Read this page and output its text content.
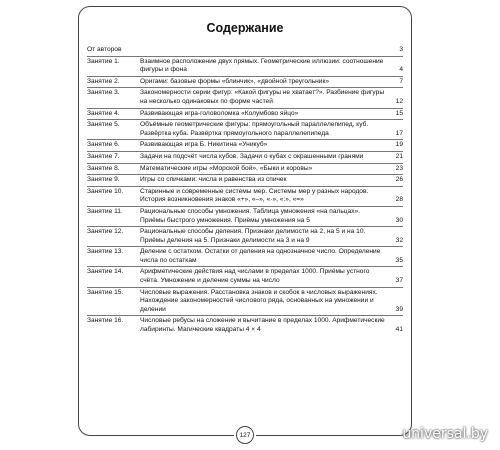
Содержание
От авторов	3
Занятие 1.	Взаимное расположение двух прямых. Геометрические иллюзии: соотношение фигуры и фона	4
Занятие 2.	Оригами: базовые формы «блинчик», «двойной треугольник»	7
Занятие 3.	Закономерности серии фигур: «Какой фигуры не хватает?». Разбиение фигуры на несколько одинаковых по форме частей	12
Занятие 4.	Развивающая игра-головоломка «Колумбово яйцо»	15
Занятие 5.	Объёмные геометрические фигуры: прямоугольный параллелепипед, куб. Развёртка куба. Развёртка прямоугольного параллелепипеда	17
Занятие 6.	Развивающая игра Б. Никитина «Уникуб»	19
Занятие 7.	Задачи на подсчёт числа кубов. Задачи о кубах с окрашенными гранями	21
Занятие 8.	Математические игры «Морской бой», «Быки и коровы»	23
Занятие 9.	Игры со спичками: числа и равенства из спичек	26
Занятие 10.	Старинные и современные системы мер. Системы мер у разных народов. История возникновения знаков «+», «–», «·», «:», «=»	28
Занятие 11.	Рациональные способы умножения. Таблица умножения «на пальцах». Приёмы быстрого умножения. Приёмы умножения на 5	30
Занятие 12.	Рациональные способы деления. Признаки делимости на 2, на 5 и на 10. Приёмы деления на 5. Признаки делимости на 3 и на 9	32
Занятие 13.	Деление с остатком. Остатки от деления на однозначное число. Определение числа по остаткам	35
Занятие 14.	Арифметические действия над числами в пределах 1000. Приёмы устного счёта. Умножение и деление суммы на число	37
Занятие 15.	Числовые выражения. Расстановка знаков и скобок в числовых выражениях. Нахождение закономерностей числового ряда, основанных на умножении и делении	39
Занятие 16.	Числовые ребусы на сложение и вычитание в пределах 1000. Арифметические лабиринты. Магические квадраты 4 × 4	41
127	universal.by
